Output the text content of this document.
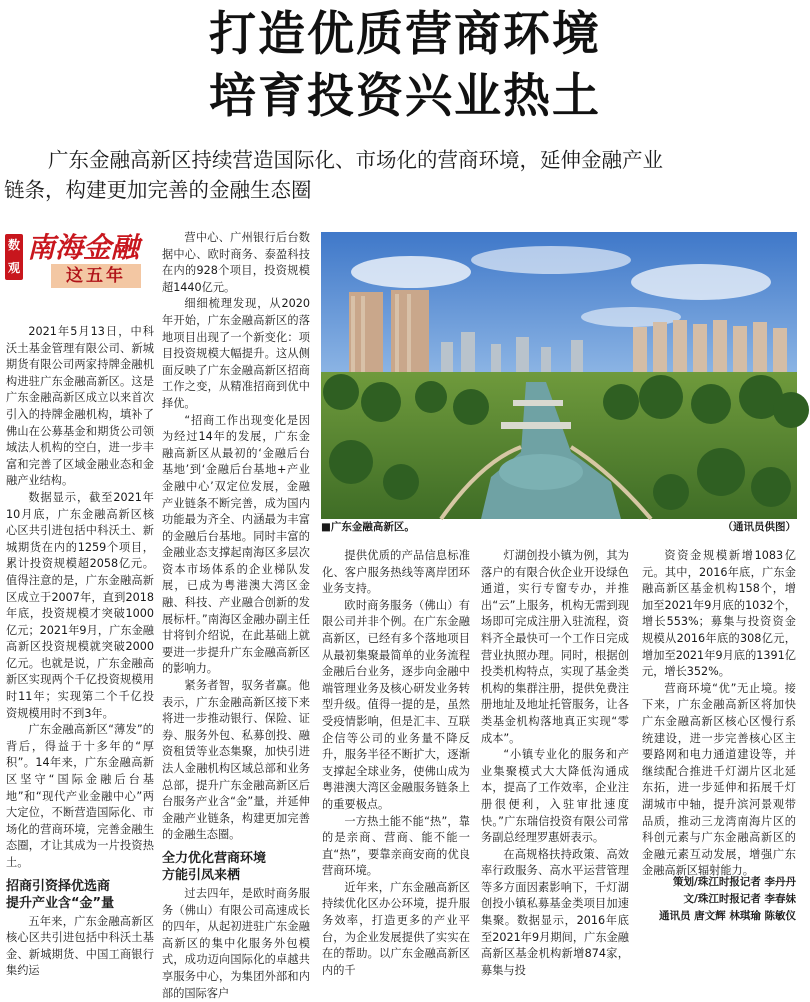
打造优质营商环境
培育投资兴业热土
广东金融高新区持续营造国际化、市场化的营商环境，延伸金融产业
链条，构建更加完善的金融生态圈
数
观
南海金融
这五年

2021年5月13日，中科沃土基金管理有限公司、新城期货有限公司两家持牌金融机构进驻广东金融高新区。这是广东金融高新区成立以来首次引入的持牌金融机构，填补了佛山在公募基金和期货公司领域法人机构的空白，进一步丰富和完善了区域金融业态和金融产业结构。

数据显示，截至2021年10月底，广东金融高新区核心区共引进包括中科沃土、新城期货在内的1259个项目，累计投资规模超2058亿元。值得注意的是，广东金融高新区成立于2007年，直到2018年底，投资规模才突破1000亿元；2021年9月，广东金融高新区投资规模就突破2000亿元。也就是说，广东金融高新区实现两个千亿投资规模用时11年；实现第二个千亿投资规模用时不到3年。

广东金融高新区“薄发”的背后，得益于十多年的“厚积”。14年来，广东金融高新区坚守“国际金融后台基地”和“现代产业金融中心”两大定位，不断营造国际化、市场化的营商环境，完善金融生态圈，才让其成为一片投资热土。

招商引资择优选商
提升产业含“金”量

五年来，广东金融高新区核心区共引进包括中科沃土基金、新城期货、中国工商银行集约运

营中心、广州银行后台数据中心、欧时商务、泰盈科技在内的928个项目，投资规模超1440亿元。

细细梳理发现，从2020年开始，广东金融高新区的落地项目出现了一个新变化：项目投资规模大幅提升。这从侧面反映了广东金融高新区招商工作之变，从精准招商到优中择优。

“招商工作出现变化是因为经过14年的发展，广东金融高新区从最初的‘金融后台基地’到‘金融后台基地+产业金融中心’双定位发展，金融产业链条不断完善，成为国内功能最为齐全、内涵最为丰富的金融后台基地。同时丰富的金融业态支撑起南海区多层次资本市场体系的企业梯队发展，已成为粤港澳大湾区金融、科技、产业融合创新的发展标杆。”南海区金融办副主任甘将钊介绍说，在此基础上就要进一步提升广东金融高新区的影响力。

紧务者智，驭务者赢。他表示，广东金融高新区接下来将进一步推动银行、保险、证券、服务外包、私募创投、融资租赁等业态集聚，加快引进法人金融机构区域总部和业务总部，提升广东金融高新区后台服务产业含“金”量，并延伸金融产业链条，构建更加完善的金融生态圈。

全力优化营商环境
方能引凤来栖

过去四年，是欧时商务服务（佛山）有限公司高速成长的四年，从起初进驻广东金融高新区的集中化服务外包模式，成功迈向国际化的卓越共享服务中心，为集团外部和内部的国际客户

■广东金融高新区。	（通讯员供图）

提供优质的产品信息标准化、客户服务热线等离岸团环业务支持。

欧时商务服务（佛山）有限公司并非个例。在广东金融高新区，已经有多个落地项目从最初集聚最简单的业务流程金融后台业务，逐步向金融中端管理业务及核心研发业务转型升级。值得一提的是，虽然受疫情影响，但是汇丰、互联企信等公司的业务量不降反升，服务半径不断扩大，逐渐支撑起全球业务，使佛山成为粤港澳大湾区金融服务链条上的重要极点。

一方热土能不能“热”，靠的是亲商、营商、能不能一直“热”，要靠亲商安商的优良营商环境。

近年来，广东金融高新区持续优化区办公环境，提升服务效率，打造更多的产业平台，为企业发展提供了实实在在的帮助。以广东金融高新区内的千

灯湖创投小镇为例，其为落户的有限合伙企业开设绿色通道，实行专窗专办，并推出“云”上服务，机构无需到现场即可完成注册入驻流程，资料齐全最快可一个工作日完成营业执照办理。同时，根据创投类机构特点，实现了基金类机构的集群注册，提供免费注册地址及地址托管服务，让各类基金机构落地真正实现“零成本”。

“小镇专业化的服务和产业集聚模式大大降低沟通成本，提高了工作效率，企业注册很便利，入驻审批速度快。”广东瑞信投资有限公司常务副总经理罗惠妍表示。

在高规格扶持政策、高效率行政服务、高水平运营管理等多方面因素影响下，千灯湖创投小镇私募基金类项目加速集聚。数据显示，2016年底至2021年9月期间，广东金融高新区基金机构新增874家，募集与投

资资金规模新增1083亿元。其中，2016年底，广东金融高新区基金机构158个，增加至2021年9月底的1032个，增长553%；募集与投资资金规模从2016年底的308亿元，增加至2021年9月底的1391亿元，增长352%。

营商环境“优”无止境。接下来，广东金融高新区将加快广东金融高新区核心区慢行系统建设，进一步完善核心区主要路网和电力通道建设等，并继续配合推进千灯湖片区北延东拓，进一步延伸和拓展千灯湖城市中轴，提升滨河景观带品质，推动三龙湾南海片区的科创元素与广东金融高新区的金融元素互动发展，增强广东金融高新区辐射能力。

策划/珠江时报记者 李丹丹
文/珠江时报记者 李春妹
通讯员 唐文辉 林琪瑜 陈敏仪
